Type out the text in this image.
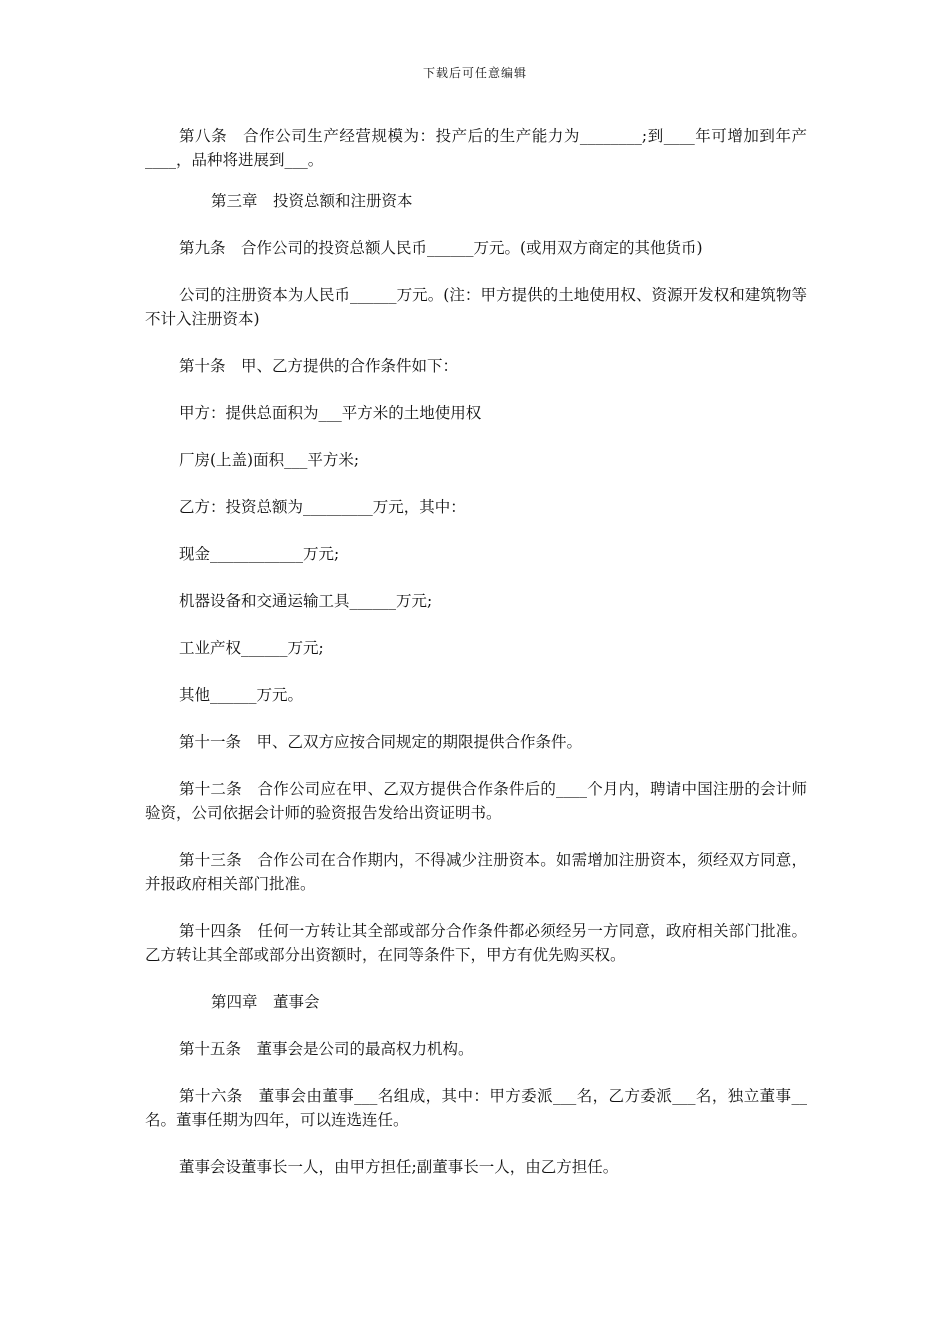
下载后可任意编辑

第八条　合作公司生产经营规模为：投产后的生产能力为________;到____年可增加到年产____，品种将进展到___。

第三章　投资总额和注册资本

第九条　合作公司的投资总额人民币______万元。(或用双方商定的其他货币)

公司的注册资本为人民币______万元。(注：甲方提供的土地使用权、资源开发权和建筑物等不计入注册资本)

第十条　甲、乙方提供的合作条件如下：

甲方：提供总面积为___平方米的土地使用权

厂房(上盖)面积___平方米;

乙方：投资总额为_________万元，其中：

现金____________万元;

机器设备和交通运输工具______万元;

工业产权______万元;

其他______万元。

第十一条　甲、乙双方应按合同规定的期限提供合作条件。

第十二条　合作公司应在甲、乙双方提供合作条件后的____个月内，聘请中国注册的会计师验资，公司依据会计师的验资报告发给出资证明书。

第十三条　合作公司在合作期内，不得减少注册资本。如需增加注册资本，须经双方同意，并报政府相关部门批准。

第十四条　任何一方转让其全部或部分合作条件都必须经另一方同意，政府相关部门批准。乙方转让其全部或部分出资额时，在同等条件下，甲方有优先购买权。

第四章　董事会

第十五条　董事会是公司的最高权力机构。

第十六条　董事会由董事___名组成，其中：甲方委派___名，乙方委派___名，独立董事__名。董事任期为四年，可以连选连任。

董事会设董事长一人，由甲方担任;副董事长一人，由乙方担任。
